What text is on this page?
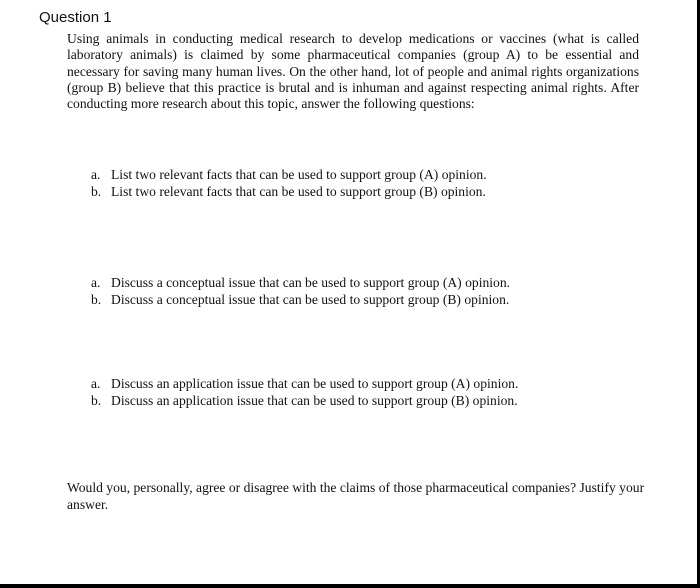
Question 1

Using animals in conducting medical research to develop medications or vaccines (what is called laboratory animals) is claimed by some pharmaceutical companies (group A) to be essential and necessary for saving many human lives. On the other hand, lot of people and animal rights organizations (group B) believe that this practice is brutal and is inhuman and against respecting animal rights. After conducting more research about this topic, answer the following questions:

a. List two relevant facts that can be used to support group (A) opinion.
b. List two relevant facts that can be used to support group (B) opinion.
a. Discuss a conceptual issue that can be used to support group (A) opinion.
b. Discuss a conceptual issue that can be used to support group (B) opinion.
a. Discuss an application issue that can be used to support group (A) opinion.
b. Discuss an application issue that can be used to support group (B) opinion.

Would you, personally, agree or disagree with the claims of those pharmaceutical companies? Justify your answer.
